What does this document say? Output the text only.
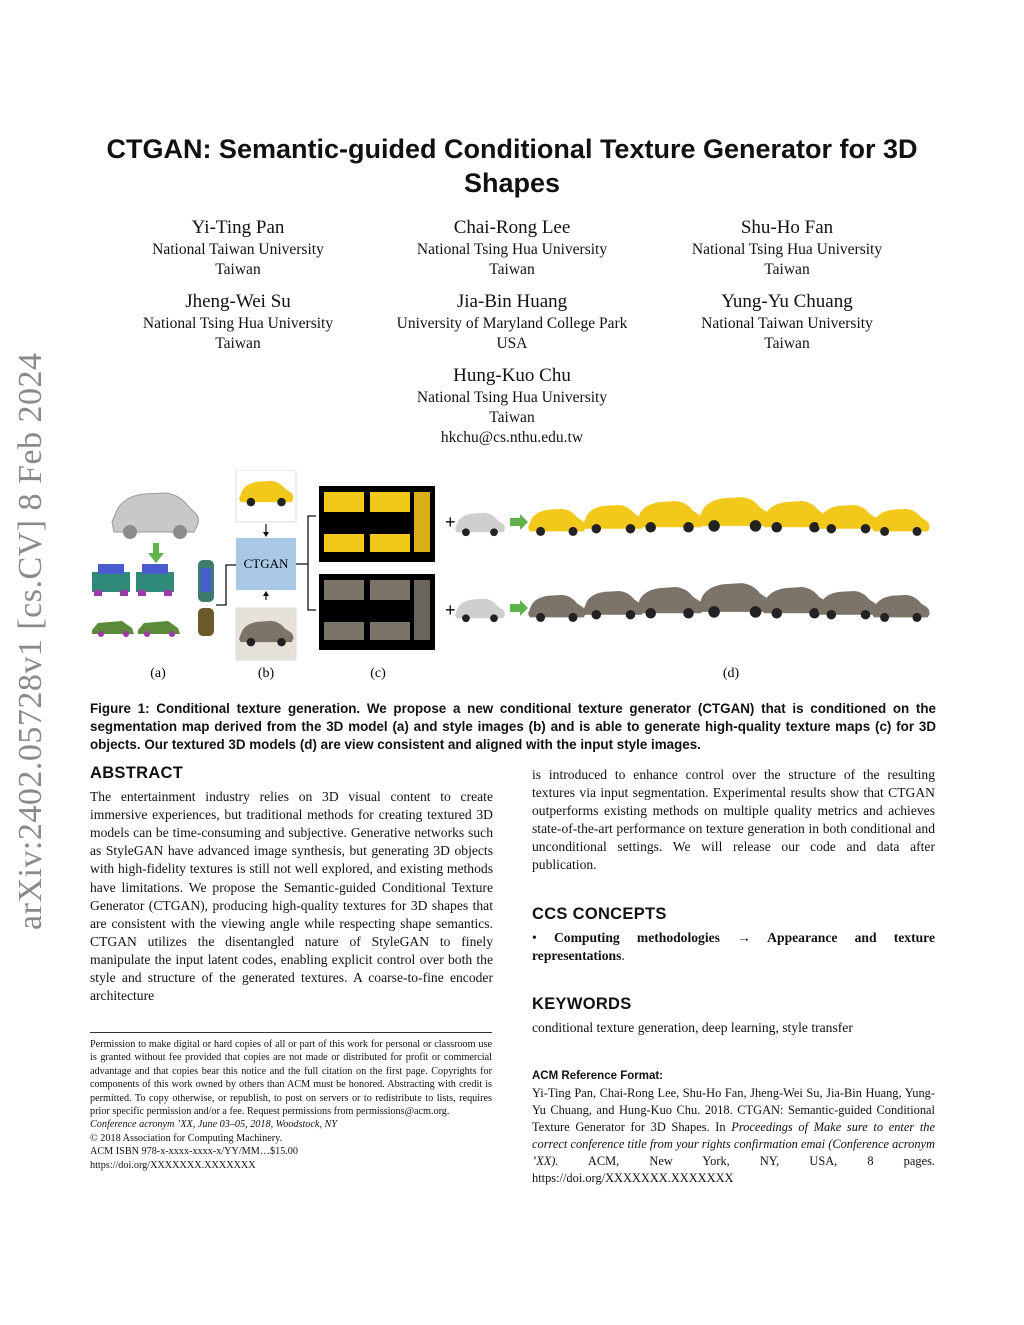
arXiv:2402.05728v1 [cs.CV] 8 Feb 2024
CTGAN: Semantic-guided Conditional Texture Generator for 3D Shapes
Yi-Ting Pan
National Taiwan University
Taiwan
Chai-Rong Lee
National Tsing Hua University
Taiwan
Shu-Ho Fan
National Tsing Hua University
Taiwan
Jheng-Wei Su
National Tsing Hua University
Taiwan
Jia-Bin Huang
University of Maryland College Park
USA
Yung-Yu Chuang
National Taiwan University
Taiwan
Hung-Kuo Chu
National Tsing Hua University
Taiwan
hkchu@cs.nthu.edu.tw
CTGAN
+
+
(a)	(b)	(c)	(d)
Figure 1: Conditional texture generation. We propose a new conditional texture generator (CTGAN) that is conditioned on the segmentation map derived from the 3D model (a) and style images (b) and is able to generate high-quality texture maps (c) for 3D objects. Our textured 3D models (d) are view consistent and aligned with the input style images.
ABSTRACT
The entertainment industry relies on 3D visual content to create immersive experiences, but traditional methods for creating textured 3D models can be time-consuming and subjective. Generative networks such as StyleGAN have advanced image synthesis, but generating 3D objects with high-fidelity textures is still not well explored, and existing methods have limitations. We propose the Semantic-guided Conditional Texture Generator (CTGAN), producing high-quality textures for 3D shapes that are consistent with the viewing angle while respecting shape semantics. CTGAN utilizes the disentangled nature of StyleGAN to finely manipulate the input latent codes, enabling explicit control over both the style and structure of the generated textures. A coarse-to-fine encoder architecture
Permission to make digital or hard copies of all or part of this work for personal or classroom use is granted without fee provided that copies are not made or distributed for profit or commercial advantage and that copies bear this notice and the full citation on the first page. Copyrights for components of this work owned by others than ACM must be honored. Abstracting with credit is permitted. To copy otherwise, or republish, to post on servers or to redistribute to lists, requires prior specific permission and/or a fee. Request permissions from permissions@acm.org.
Conference acronym ’XX, June 03–05, 2018, Woodstock, NY
© 2018 Association for Computing Machinery.
ACM ISBN 978-x-xxxx-xxxx-x/YY/MM…$15.00
https://doi.org/XXXXXXX.XXXXXXX
is introduced to enhance control over the structure of the resulting textures via input segmentation. Experimental results show that CTGAN outperforms existing methods on multiple quality metrics and achieves state-of-the-art performance on texture generation in both conditional and unconditional settings. We will release our code and data after publication.
CCS CONCEPTS
• Computing methodologies → Appearance and texture representations.
KEYWORDS
conditional texture generation, deep learning, style transfer
ACM Reference Format:
Yi-Ting Pan, Chai-Rong Lee, Shu-Ho Fan, Jheng-Wei Su, Jia-Bin Huang, Yung-Yu Chuang, and Hung-Kuo Chu. 2018. CTGAN: Semantic-guided Conditional Texture Generator for 3D Shapes. In Proceedings of Make sure to enter the correct conference title from your rights confirmation emai (Conference acronym ’XX). ACM, New York, NY, USA, 8 pages. https://doi.org/XXXXXXX.XXXXXXX
